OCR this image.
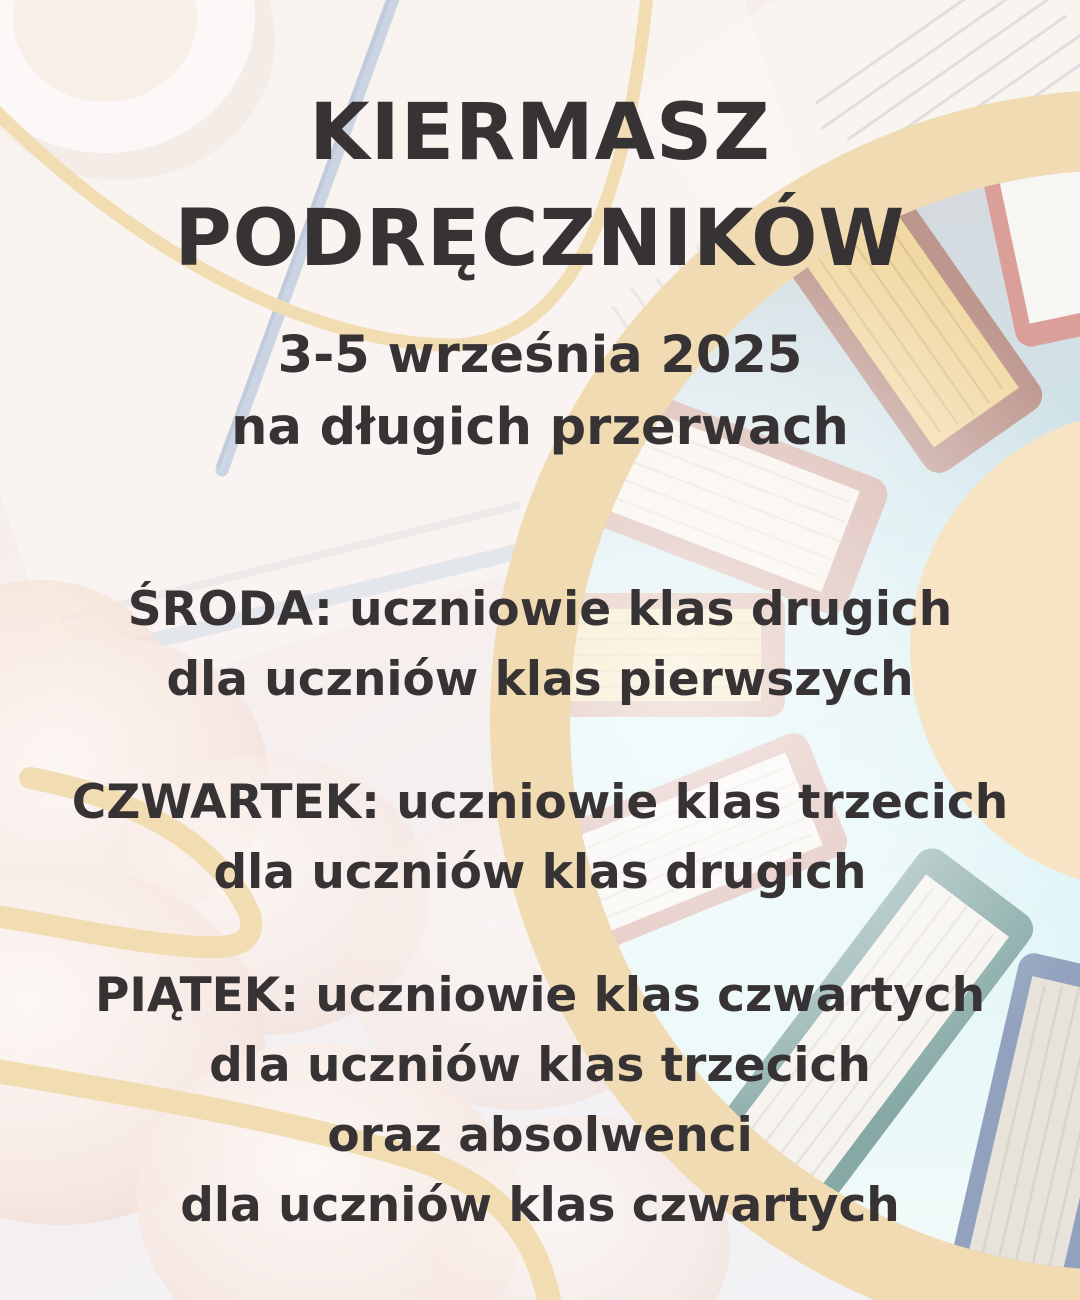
KIERMASZ
PODRĘCZNIKÓW
3-5 września 2025
na długich przerwach
ŚRODA: uczniowie klas drugich
dla uczniów klas pierwszych
CZWARTEK: uczniowie klas trzecich
dla uczniów klas drugich
PIĄTEK: uczniowie klas czwartych
dla uczniów klas trzecich
oraz absolwenci
dla uczniów klas czwartych
